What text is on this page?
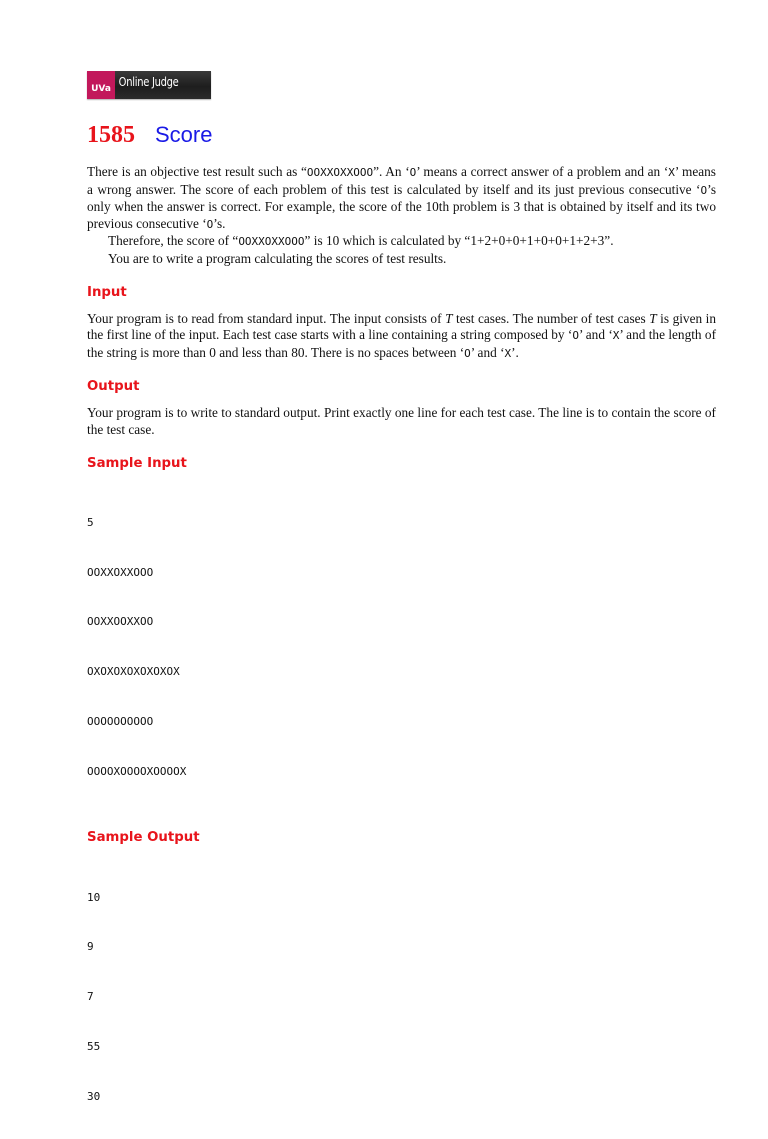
UVa Online Judge
1585 Score

There is an objective test result such as “OOXXOXXOOO”. An ‘O’ means a correct answer of a problem and an ‘X’ means a wrong answer. The score of each problem of this test is calculated by itself and its just previous consecutive ‘O’s only when the answer is correct. For example, the score of the 10th problem is 3 that is obtained by itself and its two previous consecutive ‘O’s.

Therefore, the score of “OOXXOXXOOO” is 10 which is calculated by “1+2+0+0+1+0+0+1+2+3”.

You are to write a program calculating the scores of test results.

Input

Your program is to read from standard input. The input consists of T test cases. The number of test cases T is given in the first line of the input. Each test case starts with a line containing a string composed by ‘O’ and ‘X’ and the length of the string is more than 0 and less than 80. There is no spaces between ‘O’ and ‘X’.

Output

Your program is to write to standard output. Print exactly one line for each test case. The line is to contain the score of the test case.

Sample Input

5

OOXXOXXOOO

OOXXOOXXOO

OXOXOXOXOXOXOX

OOOOOOOOOO

OOOOXOOOOXOOOOX

Sample Output

10

9

7

55

30
